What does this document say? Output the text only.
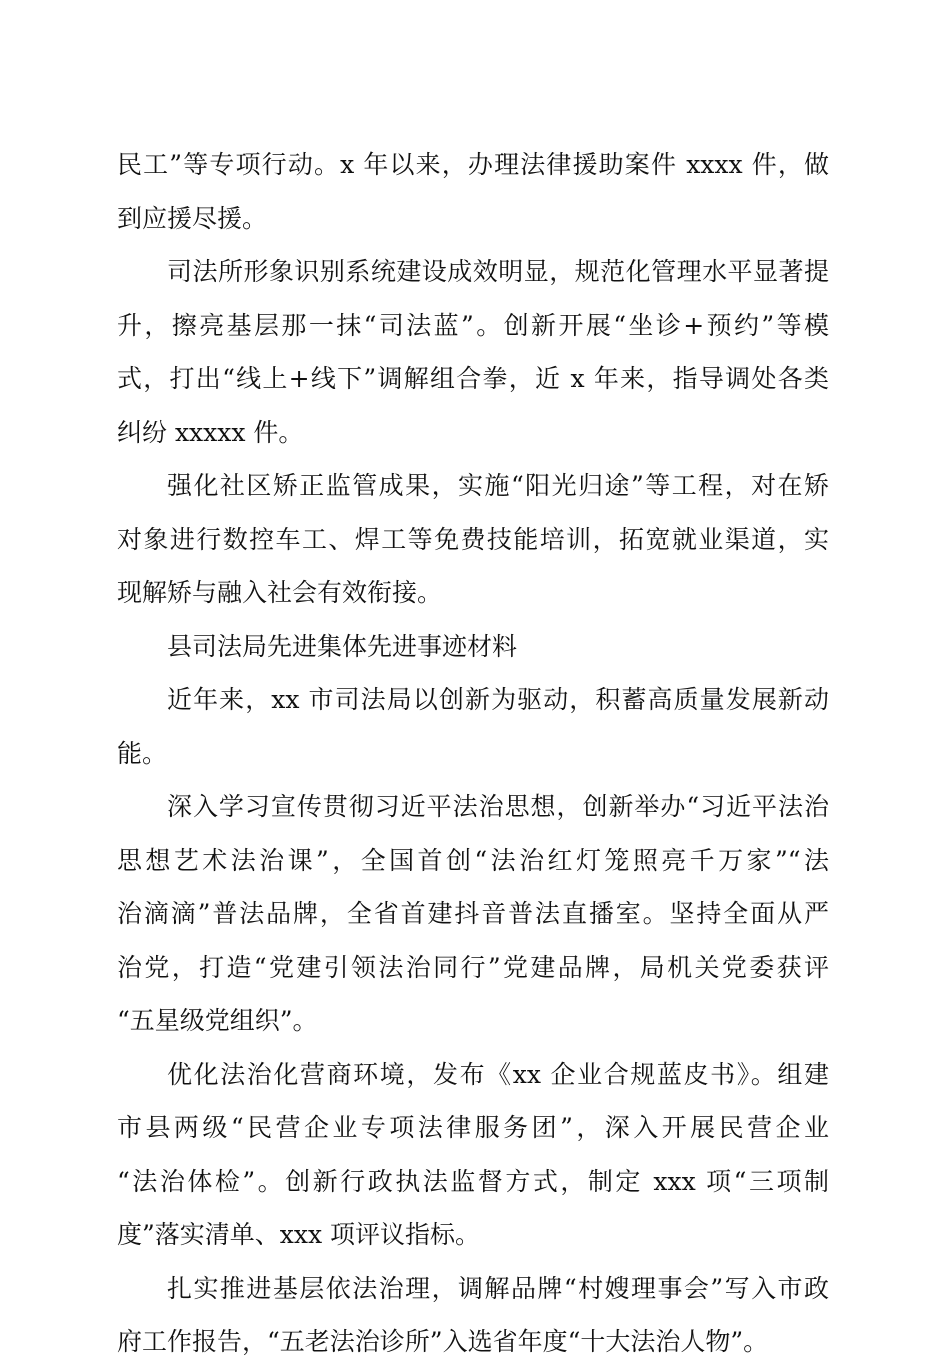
民工”等专项行动。x 年以来，办理法律援助案件 xxxx 件，做
到应援尽援。
司法所形象识别系统建设成效明显，规范化管理水平显著提
升，擦亮基层那一抹“司法蓝”。创新开展“坐诊+预约”等模
式，打出“线上+线下”调解组合拳，近 x 年来，指导调处各类
纠纷 xxxxx 件。
强化社区矫正监管成果，实施“阳光归途”等工程，对在矫
对象进行数控车工、焊工等免费技能培训，拓宽就业渠道，实
现解矫与融入社会有效衔接。
县司法局先进集体先进事迹材料
近年来，xx 市司法局以创新为驱动，积蓄高质量发展新动
能。
深入学习宣传贯彻习近平法治思想，创新举办“习近平法治
思想艺术法治课”，全国首创“法治红灯笼照亮千万家”“法
治滴滴”普法品牌，全省首建抖音普法直播室。坚持全面从严
治党，打造“党建引领法治同行”党建品牌，局机关党委获评
“五星级党组织”。
优化法治化营商环境，发布《xx 企业合规蓝皮书》。组建
市县两级“民营企业专项法律服务团”，深入开展民营企业
“法治体检”。创新行政执法监督方式，制定 xxx 项“三项制
度”落实清单、xxx 项评议指标。
扎实推进基层依法治理，调解品牌“村嫂理事会”写入市政
府工作报告，“五老法治诊所”入选省年度“十大法治人物”。
